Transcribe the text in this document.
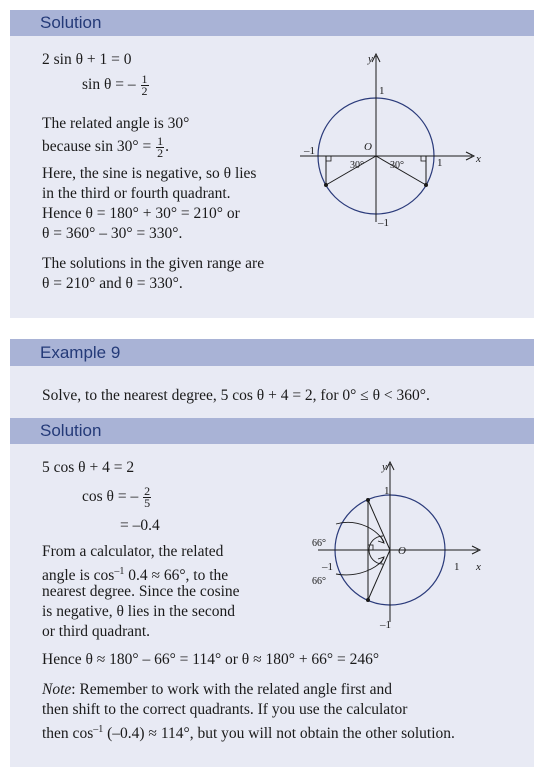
Solution
2 sin θ + 1 = 0
sin θ = – $\frac{1}{2}$
The related angle is 30°
because $\sin 30^\circ = \frac{1}{2}$ .
Here, the sine is negative, so θ lies
in the third or fourth quadrant.
Hence θ = 180° + 30° = 210° or
θ = 360° – 30° = 330°.
The solutions in the given range are
θ = 210° and θ = 330°.
y
x
O
1
–1
–1
1
30°	30°
Example 9
Solve, to the nearest degree, 5 cos θ + 4 = 2, for 0° ≤ θ < 360°.
Solution
5 cos θ + 4 = 2
cos θ = – $\frac{2}{5}$
= –0.4
From a calculator, the related
angle is $\cos^{-1} 0.4 \approx 66^\circ$, to the
nearest degree. Since the cosine
is negative, θ lies in the second
or third quadrant.
Hence θ ≈ 180° – 66° = 114° or θ ≈ 180° + 66° = 246°
Note: Remember to work with the related angle first and
then shift to the correct quadrants. If you use the calculator
then $\cos^{-1} (-0.4) \approx 114^\circ$, but you will not obtain the other solution.
y
x
O
1
–1
–1	1
66°
66°
